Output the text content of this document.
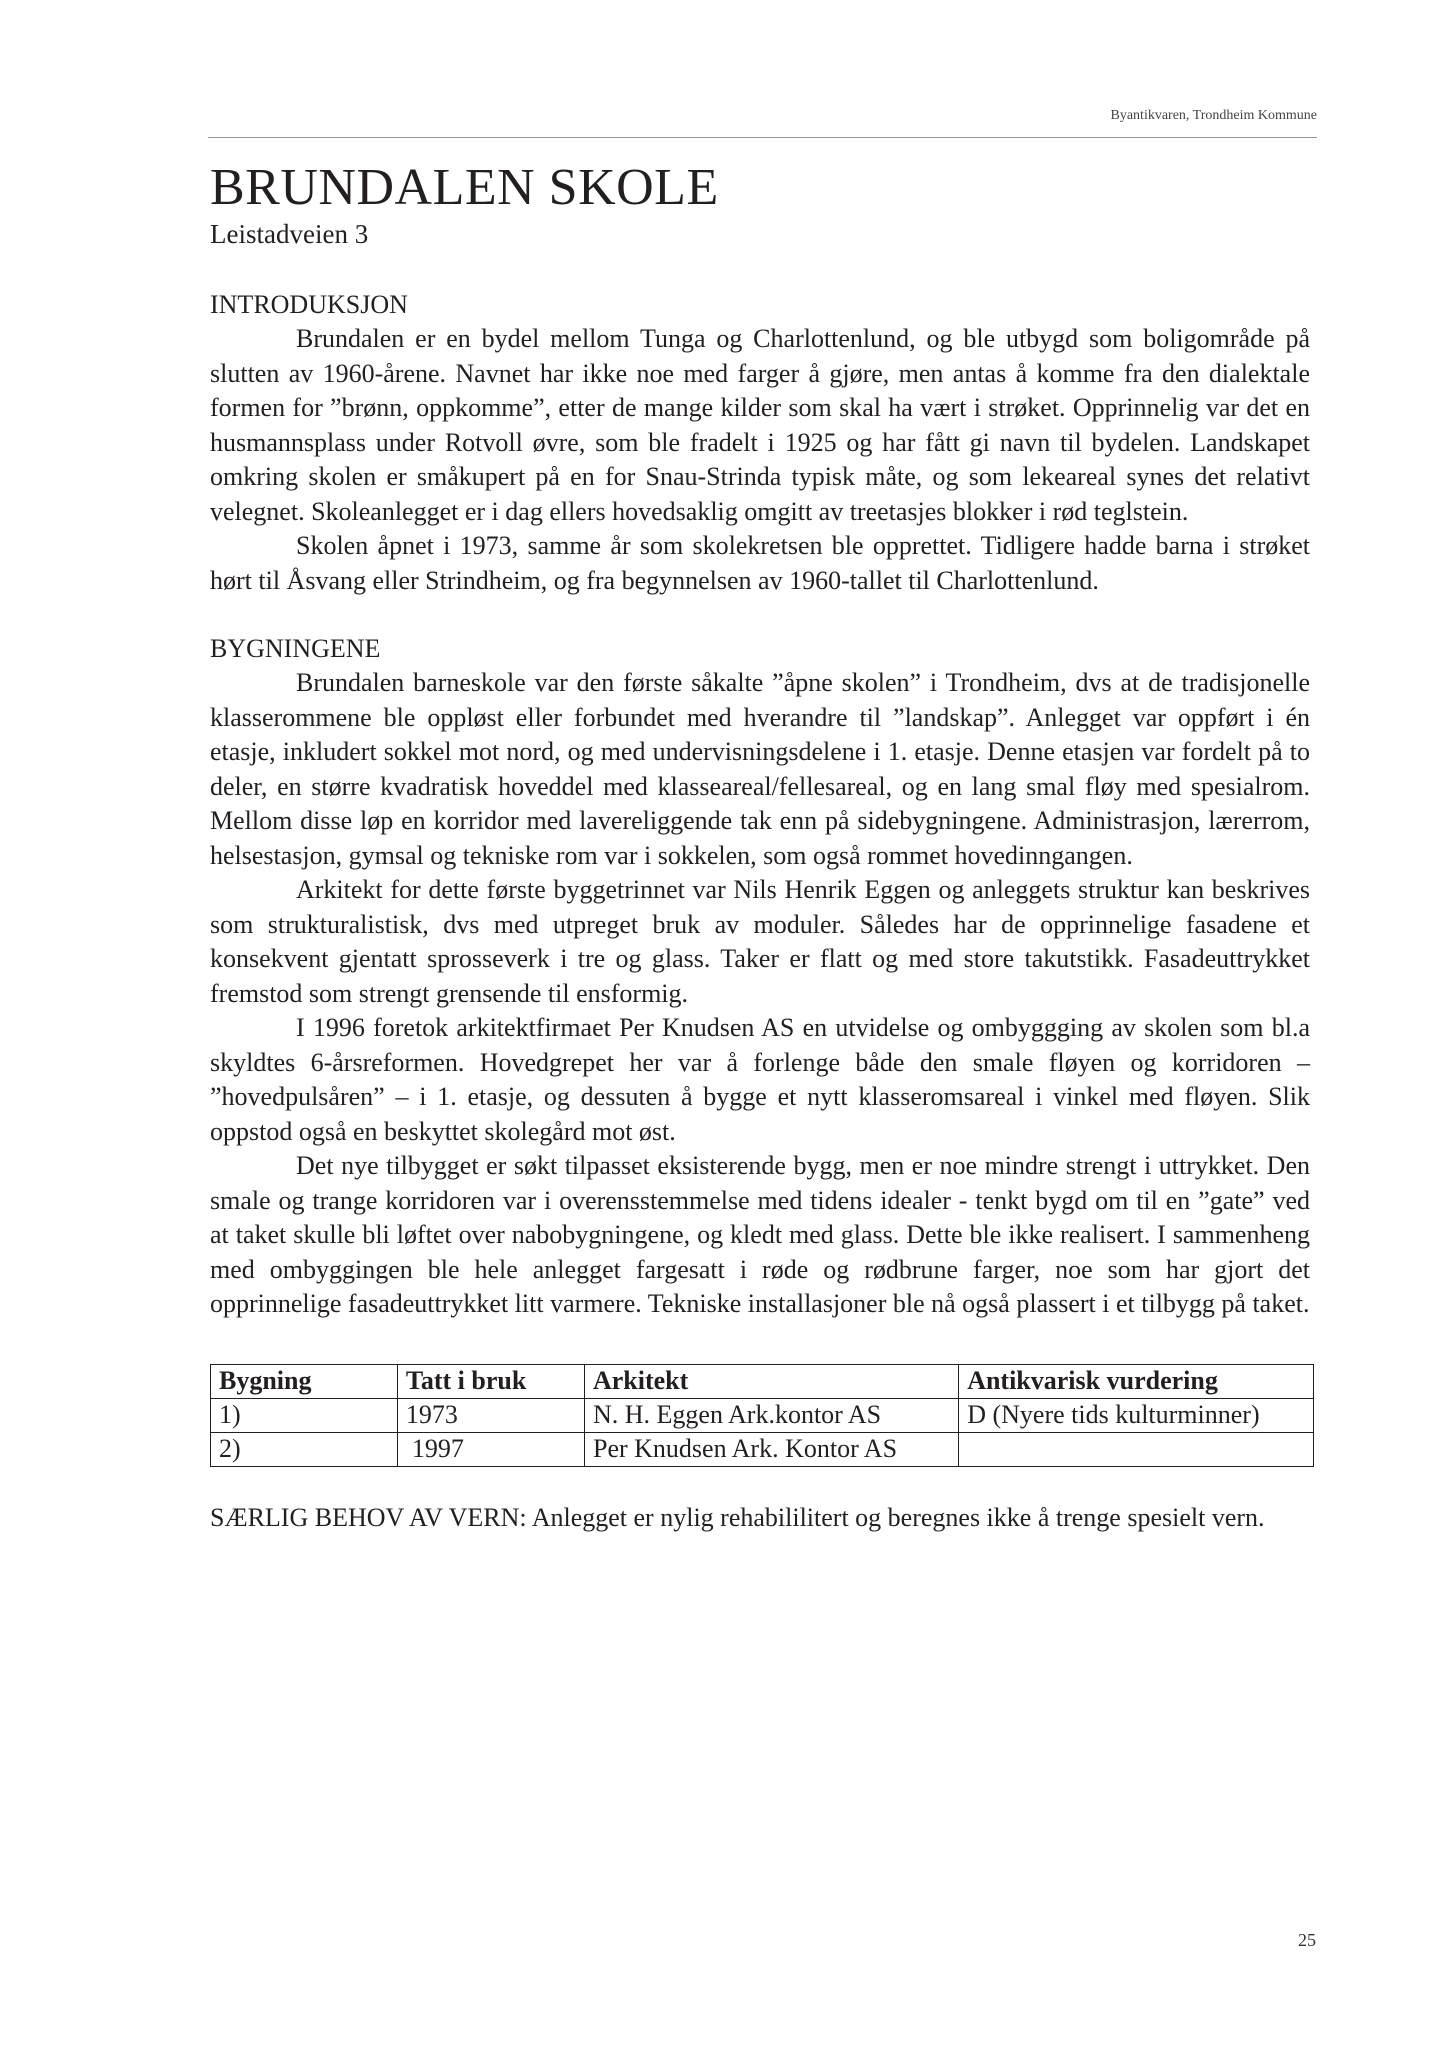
Byantikvaren, Trondheim Kommune
BRUNDALEN SKOLE
Leistadveien 3
INTRODUKSJON

Brundalen er en bydel mellom Tunga og Charlottenlund, og ble utbygd som boligområde på slutten av 1960-årene. Navnet har ikke noe med farger å gjøre, men antas å komme fra den dialektale formen for ”brønn, oppkomme”, etter de mange kilder som skal ha vært i strøket. Opprinnelig var det en husmannsplass under Rotvoll øvre, som ble fradelt i 1925 og har fått gi navn til bydelen. Landskapet omkring skolen er småkupert på en for Snau-Strinda typisk måte, og som lekeareal synes det relativt velegnet. Skoleanlegget er i dag ellers hovedsaklig omgitt av treetasjes blokker i rød teglstein.

Skolen åpnet i 1973, samme år som skolekretsen ble opprettet. Tidligere hadde barna i strøket hørt til Åsvang eller Strindheim, og fra begynnelsen av 1960-tallet til Charlottenlund.

BYGNINGENE

Brundalen barneskole var den første såkalte ”åpne skolen” i Trondheim, dvs at de tradisjonelle klasserommene ble oppløst eller forbundet med hverandre til ”landskap”. Anlegget var oppført i én etasje, inkludert sokkel mot nord, og med undervisningsdelene i 1. etasje. Denne etasjen var fordelt på to deler, en større kvadratisk hoveddel med klasseareal/fellesareal, og en lang smal fløy med spesialrom. Mellom disse løp en korridor med lavereliggende tak enn på sidebygningene. Administrasjon, lærerrom, helsestasjon, gymsal og tekniske rom var i sokkelen, som også rommet hovedinngangen.

Arkitekt for dette første byggetrinnet var Nils Henrik Eggen og anleggets struktur kan beskrives som strukturalistisk, dvs med utpreget bruk av moduler. Således har de opprinnelige fasadene et konsekvent gjentatt sprosseverk i tre og glass. Taker er flatt og med store takutstikk. Fasadeuttrykket fremstod som strengt grensende til ensformig.

I 1996 foretok arkitektfirmaet Per Knudsen AS en utvidelse og ombyggging av skolen som bl.a skyldtes 6-årsreformen. Hovedgrepet her var å forlenge både den smale fløyen og korridoren – ”hovedpulsåren” – i 1. etasje, og dessuten å bygge et nytt klasseromsareal i vinkel med fløyen. Slik oppstod også en beskyttet skolegård mot øst.

Det nye tilbygget er søkt tilpasset eksisterende bygg, men er noe mindre strengt i uttrykket. Den smale og trange korridoren var i overensstemmelse med tidens idealer - tenkt bygd om til en ”gate” ved at taket skulle bli løftet over nabobygningene, og kledt med glass. Dette ble ikke realisert. I sammenheng med ombyggingen ble hele anlegget fargesatt i røde og rødbrune farger, noe som har gjort det opprinnelige fasadeuttrykket litt varmere. Tekniske installasjoner ble nå også plassert i et tilbygg på taket.

Bygning	Tatt i bruk	Arkitekt	Antikvarisk vurdering
1)	1973	N. H. Eggen Ark.kontor AS	D (Nyere tids kulturminner)
2)	1997	Per Knudsen Ark. Kontor AS	
SÆRLIG BEHOV AV VERN: Anlegget er nylig rehabililitert og beregnes ikke å trenge spesielt vern.
25
